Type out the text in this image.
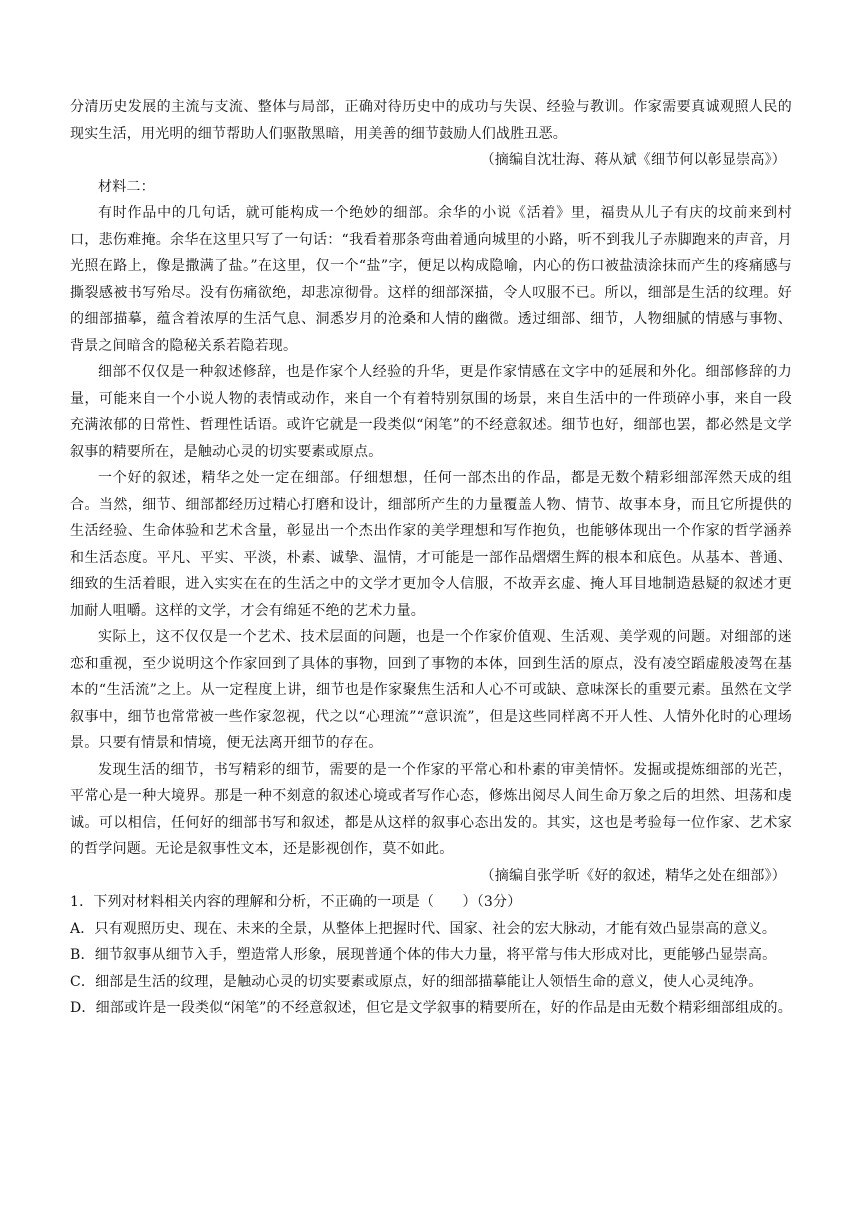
分清历史发展的主流与支流、整体与局部，正确对待历史中的成功与失误、经验与教训。作家需要真诚观照人民的现实生活，用光明的细节帮助人们驱散黑暗，用美善的细节鼓励人们战胜丑恶。

（摘编自沈壮海、蒋从斌《细节何以彰显崇高》）

材料二：

有时作品中的几句话，就可能构成一个绝妙的细部。余华的小说《活着》里，福贵从儿子有庆的坟前来到村口，悲伤难掩。余华在这里只写了一句话：“我看着那条弯曲着通向城里的小路，听不到我儿子赤脚跑来的声音，月光照在路上，像是撒满了盐。”在这里，仅一个“盐”字，便足以构成隐喻，内心的伤口被盐渍涂抹而产生的疼痛感与撕裂感被书写殆尽。没有伤痛欲绝，却悲凉彻骨。这样的细部深描，令人叹服不已。所以，细部是生活的纹理。好的细部描摹，蕴含着浓厚的生活气息、洞悉岁月的沧桑和人情的幽微。透过细部、细节，人物细腻的情感与事物、背景之间暗含的隐秘关系若隐若现。

细部不仅仅是一种叙述修辞，也是作家个人经验的升华，更是作家情感在文字中的延展和外化。细部修辞的力量，可能来自一个小说人物的表情或动作，来自一个有着特别氛围的场景，来自生活中的一件琐碎小事，来自一段充满浓郁的日常性、哲理性话语。或许它就是一段类似“闲笔”的不经意叙述。细节也好，细部也罢，都必然是文学叙事的精要所在，是触动心灵的切实要素或原点。

一个好的叙述，精华之处一定在细部。仔细想想，任何一部杰出的作品，都是无数个精彩细部浑然天成的组合。当然，细节、细部都经历过精心打磨和设计，细部所产生的力量覆盖人物、情节、故事本身，而且它所提供的生活经验、生命体验和艺术含量，彰显出一个杰出作家的美学理想和写作抱负，也能够体现出一个作家的哲学涵养和生活态度。平凡、平实、平淡，朴素、诚挚、温情，才可能是一部作品熠熠生辉的根本和底色。从基本、普通、细致的生活着眼，进入实实在在的生活之中的文学才更加令人信服，不故弄玄虚、掩人耳目地制造悬疑的叙述才更加耐人咀嚼。这样的文学，才会有绵延不绝的艺术力量。

实际上，这不仅仅是一个艺术、技术层面的问题，也是一个作家价值观、生活观、美学观的问题。对细部的迷恋和重视，至少说明这个作家回到了具体的事物，回到了事物的本体，回到生活的原点，没有凌空蹈虚般凌驾在基本的“生活流”之上。从一定程度上讲，细节也是作家聚焦生活和人心不可或缺、意味深长的重要元素。虽然在文学叙事中，细节也常常被一些作家忽视，代之以“心理流”“意识流”，但是这些同样离不开人性、人情外化时的心理场景。只要有情景和情境，便无法离开细节的存在。

发现生活的细节，书写精彩的细节，需要的是一个作家的平常心和朴素的审美情怀。发掘或提炼细部的光芒，平常心是一种大境界。那是一种不刻意的叙述心境或者写作心态，修炼出阅尽人间生命万象之后的坦然、坦荡和虔诚。可以相信，任何好的细部书写和叙述，都是从这样的叙事心态出发的。其实，这也是考验每一位作家、艺术家的哲学问题。无论是叙事性文本，还是影视创作，莫不如此。

（摘编自张学昕《好的叙述，精华之处在细部》）

1．下列对材料相关内容的理解和分析，不正确的一项是（　　）（3分）

A．只有观照历史、现在、未来的全景，从整体上把握时代、国家、社会的宏大脉动，才能有效凸显崇高的意义。

B．细节叙事从细节入手，塑造常人形象，展现普通个体的伟大力量，将平常与伟大形成对比，更能够凸显崇高。

C．细部是生活的纹理，是触动心灵的切实要素或原点，好的细部描摹能让人领悟生命的意义，使人心灵纯净。

D．细部或许是一段类似“闲笔”的不经意叙述，但它是文学叙事的精要所在，好的作品是由无数个精彩细部组成的。
